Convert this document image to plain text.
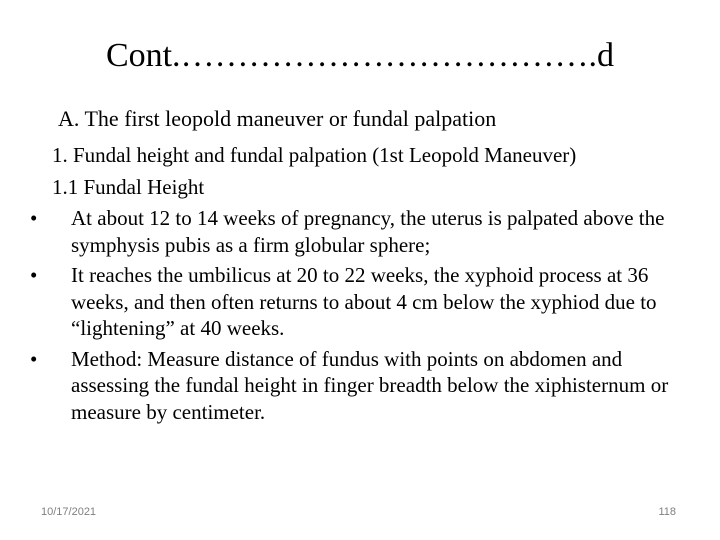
Cont.……………………………….d
A. The first leopold maneuver or fundal palpation
1. Fundal height and fundal palpation (1st Leopold Maneuver)
1.1 Fundal Height
• At about 12 to 14 weeks of pregnancy, the uterus is palpated above the symphysis pubis as a firm globular sphere;
• It reaches the umbilicus at 20 to 22 weeks, the xyphoid process at 36 weeks, and then often returns to about 4 cm below the xyphiod due to “lightening” at 40 weeks.
• Method: Measure distance of fundus with points on abdomen and assessing the fundal height in finger breadth below the xiphisternum or measure by centimeter.
10/17/2021	118
